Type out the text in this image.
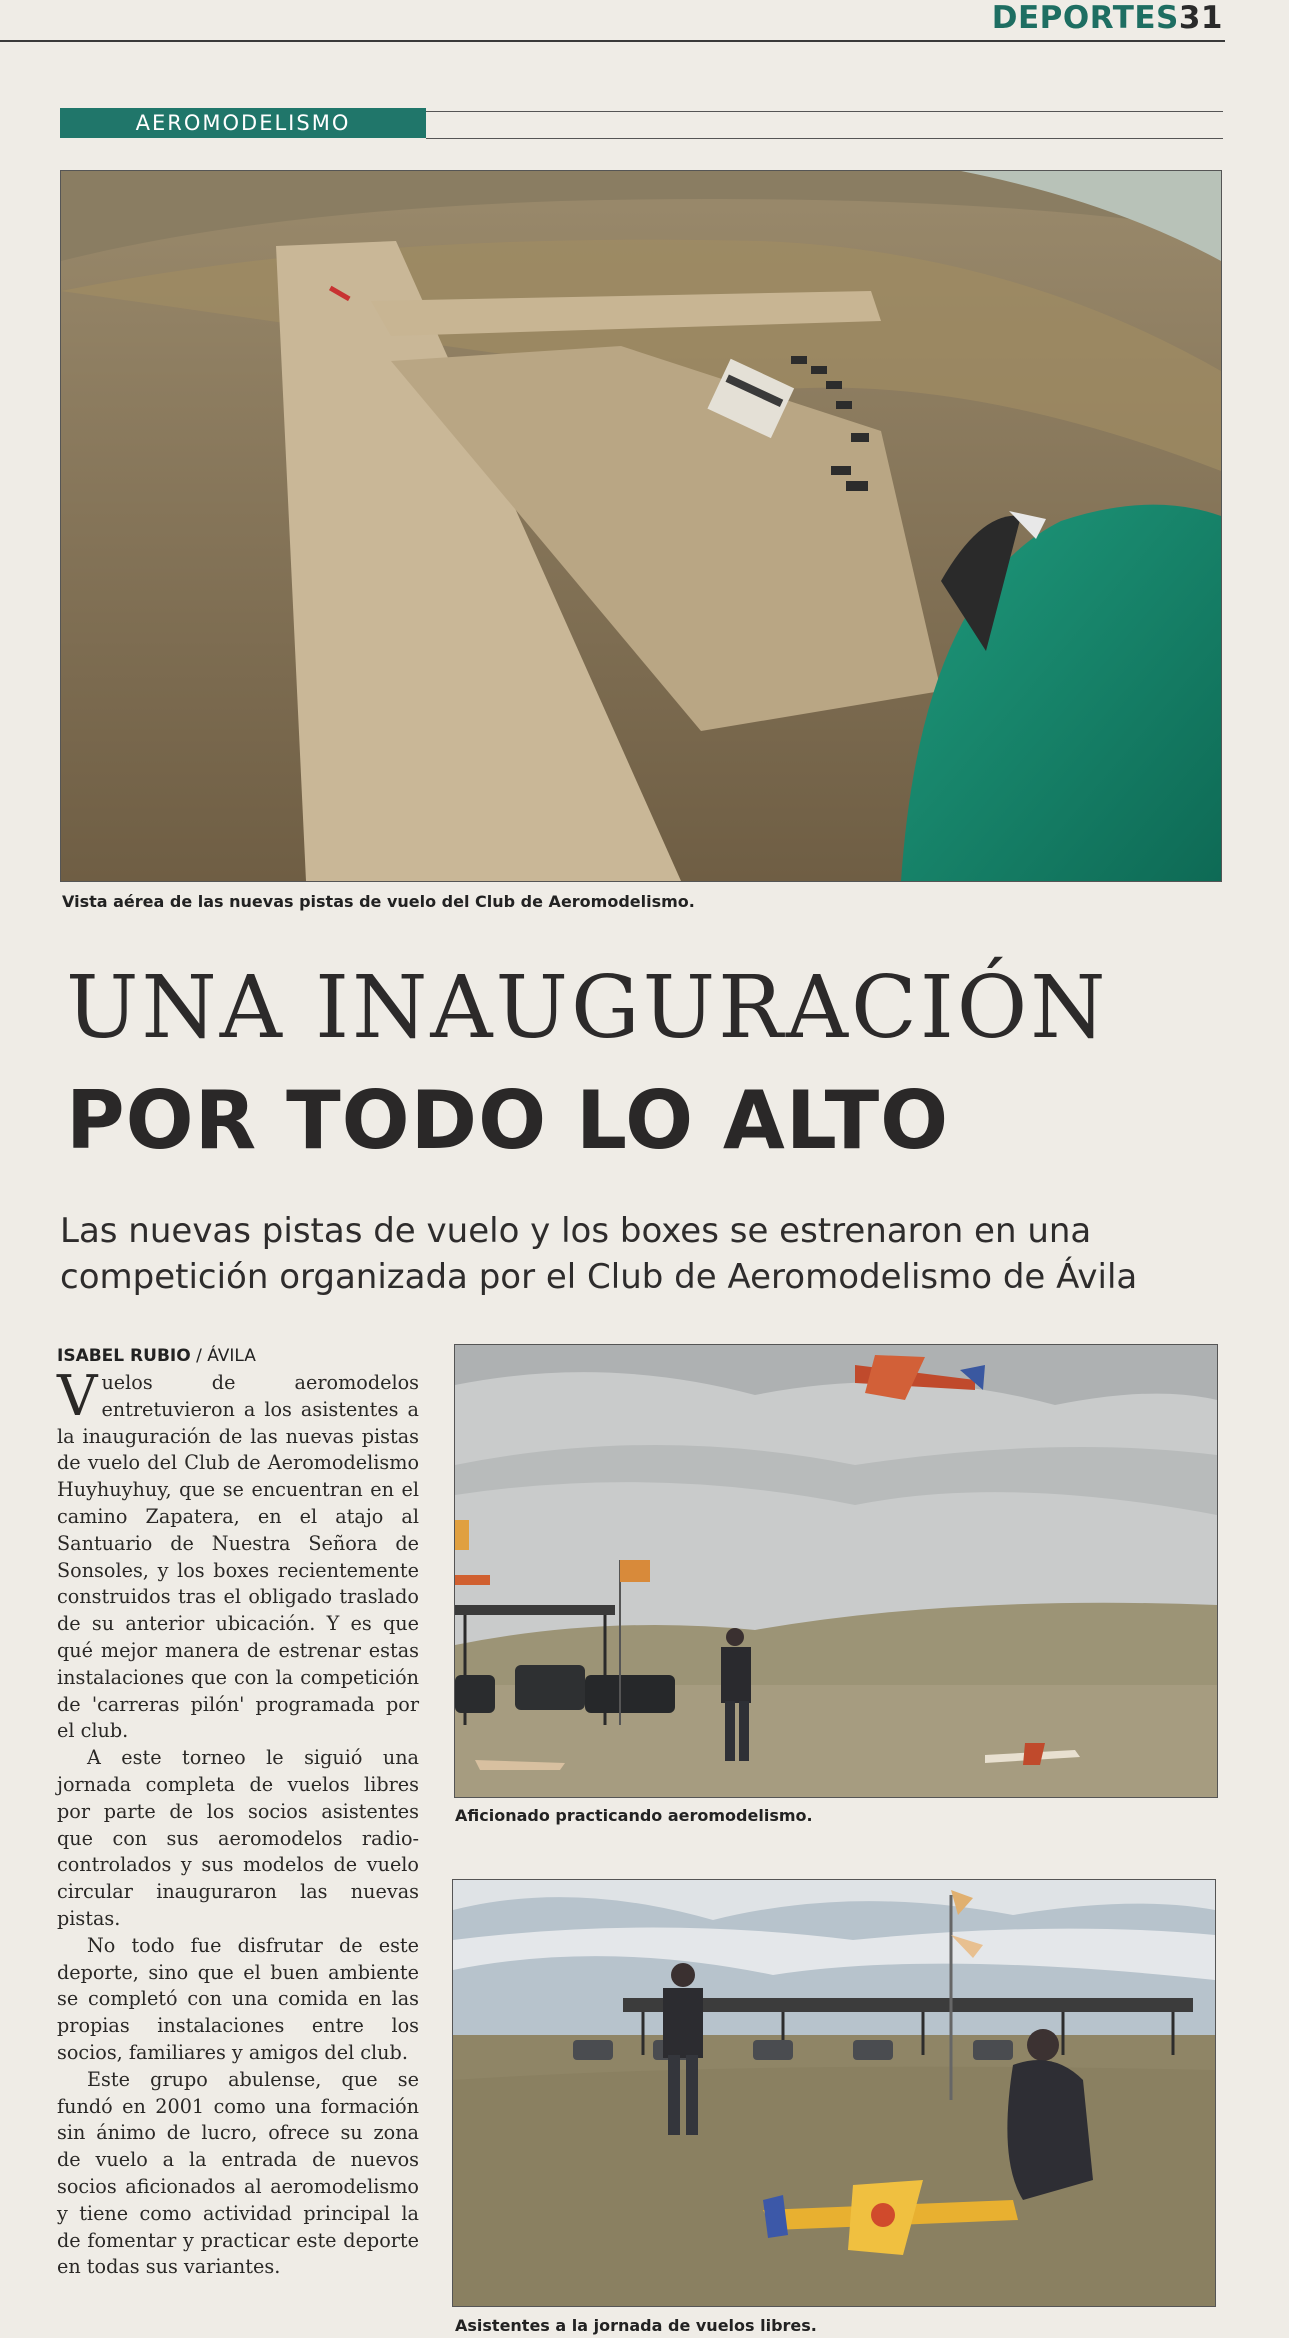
DEPORTES31
AEROMODELISMO
Vista aérea de las nuevas pistas de vuelo del Club de Aeromodelismo.
UNA INAUGURACIÓN
POR TODO LO ALTO
Las nuevas pistas de vuelo y los boxes se estrenaron en una competición organizada por el Club de Aeromodelismo de Ávila
ISABEL RUBIO / ÁVILA

Vuelos de aeromodelos entretuvieron a los asistentes a la inauguración de las nuevas pistas de vuelo del Club de Aeromodelismo Huyhuyhuy, que se encuentran en el camino Zapatera, en el atajo al Santuario de Nuestra Señora de Sonsoles, y los boxes recientemente construidos tras el obligado traslado de su anterior ubicación. Y es que qué mejor manera de estrenar estas instalaciones que con la competición de 'carreras pilón' programada por el club.

A este torneo le siguió una jornada completa de vuelos libres por parte de los socios asistentes que con sus aeromodelos radio-controlados y sus modelos de vuelo circular inauguraron las nuevas pistas.

No todo fue disfrutar de este deporte, sino que el buen ambiente se completó con una comida en las propias instalaciones entre los socios, familiares y amigos del club.

Este grupo abulense, que se fundó en 2001 como una formación sin ánimo de lucro, ofrece su zona de vuelo a la entrada de nuevos socios aficionados al aeromodelismo y tiene como actividad principal la de fomentar y practicar este deporte en todas sus variantes.

Aficionado practicando aeromodelismo.
Asistentes a la jornada de vuelos libres.
